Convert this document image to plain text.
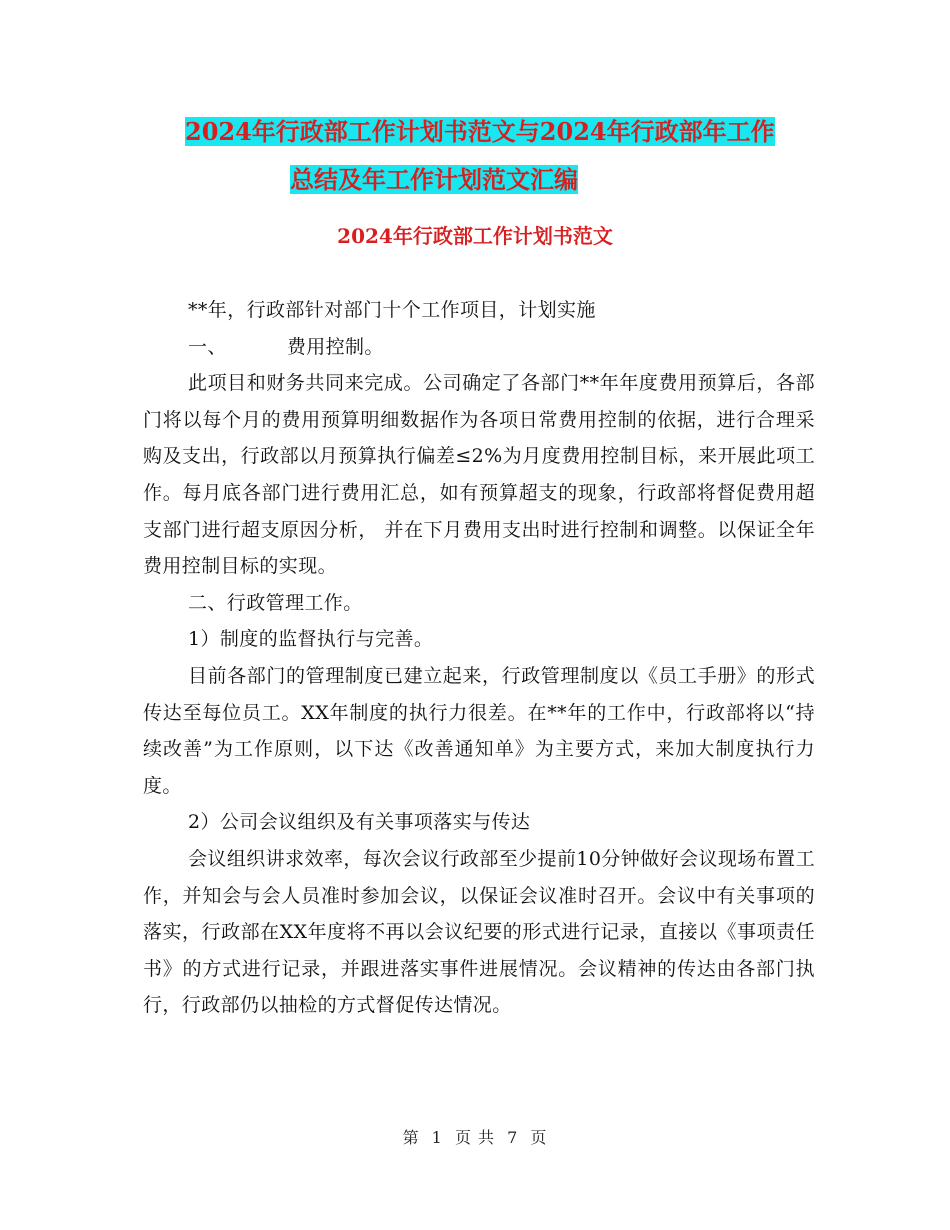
2024年行政部工作计划书范文与2024年行政部年工作
总结及年工作计划范文汇编
2024年行政部工作计划书范文

**年，行政部针对部门十个工作项目，计划实施

一、	费用控制。

此项目和财务共同来完成。公司确定了各部门**年年度费用预算后，各部门将以每个月的费用预算明细数据作为各项日常费用控制的依据，进行合理采购及支出，行政部以月预算执行偏差≤2%为月度费用控制目标，来开展此项工作。每月底各部门进行费用汇总，如有预算超支的现象，行政部将督促费用超支部门进行超支原因分析， 并在下月费用支出时进行控制和调整。以保证全年费用控制目标的实现。

二、行政管理工作。

1）制度的监督执行与完善。

目前各部门的管理制度已建立起来，行政管理制度以《员工手册》的形式传达至每位员工。XX年制度的执行力很差。在**年的工作中，行政部将以“持续改善”为工作原则，以下达《改善通知单》为主要方式，来加大制度执行力度。

2）公司会议组织及有关事项落实与传达

会议组织讲求效率，每次会议行政部至少提前10分钟做好会议现场布置工作，并知会与会人员准时参加会议，以保证会议准时召开。会议中有关事项的落实，行政部在XX年度将不再以会议纪要的形式进行记录，直接以《事项责任书》的方式进行记录，并跟进落实事件进展情况。会议精神的传达由各部门执行，行政部仍以抽检的方式督促传达情况。

第 1 页 共 7 页
